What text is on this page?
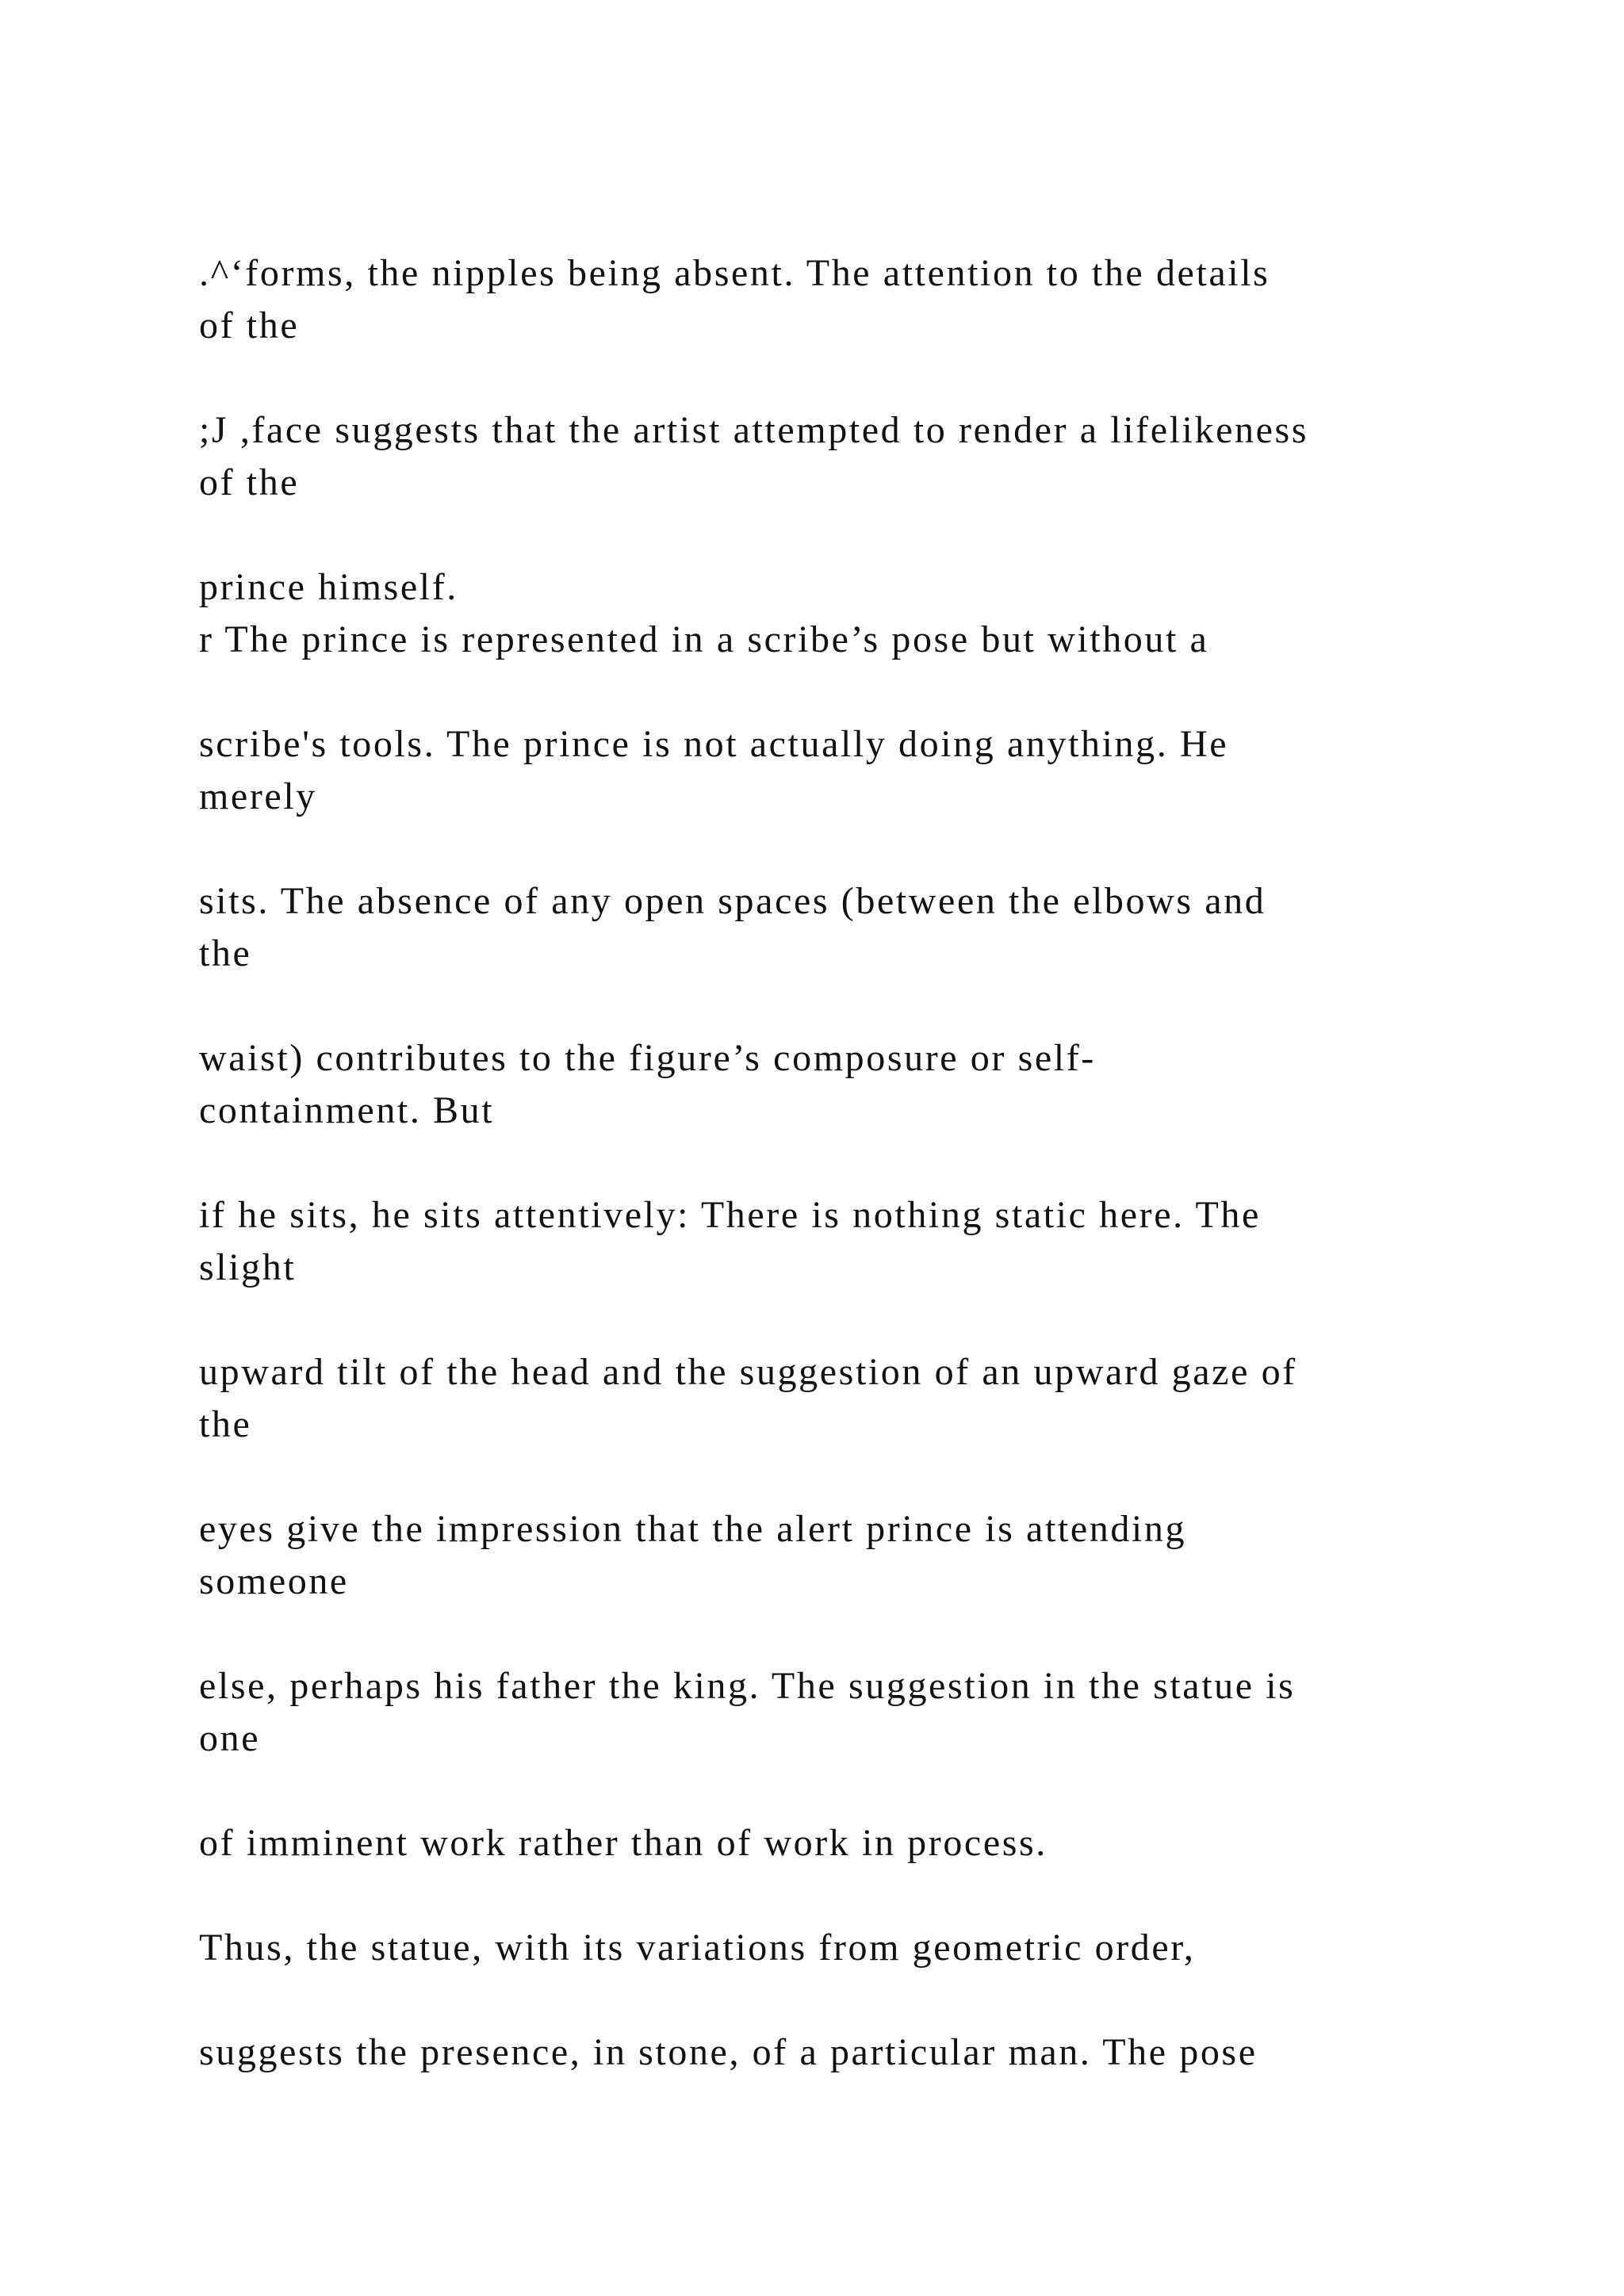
.^‘forms, the nipples being absent. The attention to the details
of the
;J ,face suggests that the artist attempted to render a lifelikeness
of the
prince himself.
r The prince is represented in a scribe’s pose but without a
scribe's tools. The prince is not actually doing anything. He
merely
sits. The absence of any open spaces (between the elbows and
the
waist) contributes to the figure’s composure or self-
containment. But
if he sits, he sits attentively: There is nothing static here. The
slight
upward tilt of the head and the suggestion of an upward gaze of
the
eyes give the impression that the alert prince is attending
someone
else, perhaps his father the king. The suggestion in the statue is
one
of imminent work rather than of work in process.
Thus, the statue, with its variations from geometric order,
suggests the presence, in stone, of a particular man. The pose
